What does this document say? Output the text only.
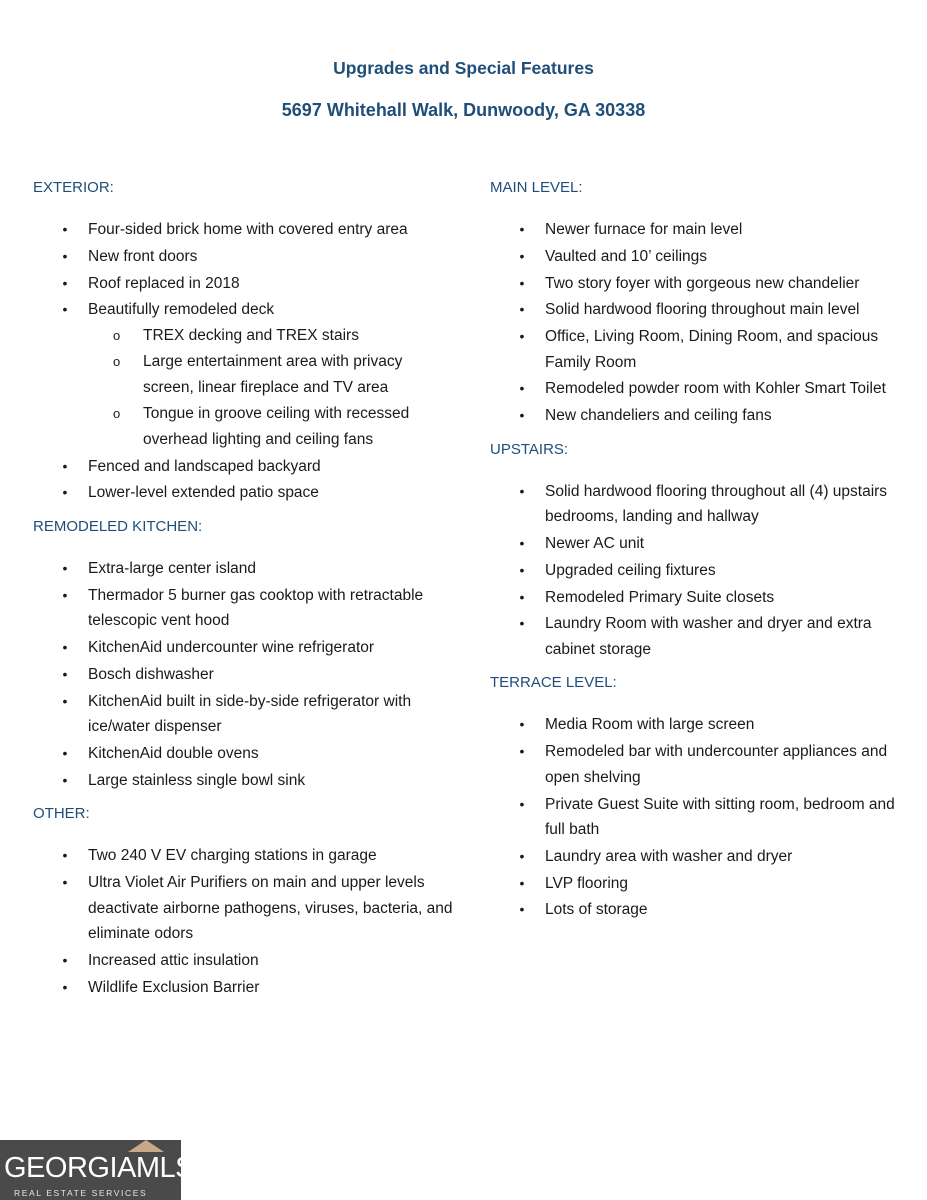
Upgrades and Special Features
5697 Whitehall Walk, Dunwoody, GA 30338
EXTERIOR:
• Four-sided brick home with covered entry area
• New front doors
• Roof replaced in 2018
• Beautifully remodeled deck
o TREX decking and TREX stairs
o Large entertainment area with privacy screen, linear fireplace and TV area
o Tongue in groove ceiling with recessed overhead lighting and ceiling fans
• Fenced and landscaped backyard
• Lower-level extended patio space
REMODELED KITCHEN:
• Extra-large center island
• Thermador 5 burner gas cooktop with retractable telescopic vent hood
• KitchenAid undercounter wine refrigerator
• Bosch dishwasher
• KitchenAid built in side-by-side refrigerator with ice/water dispenser
• KitchenAid double ovens
• Large stainless single bowl sink
OTHER:
• Two 240 V EV charging stations in garage
• Ultra Violet Air Purifiers on main and upper levels deactivate airborne pathogens, viruses, bacteria, and eliminate odors
• Increased attic insulation
• Wildlife Exclusion Barrier
MAIN LEVEL:
• Newer furnace for main level
• Vaulted and 10’ ceilings
• Two story foyer with gorgeous new chandelier
• Solid hardwood flooring throughout main level
• Office, Living Room, Dining Room, and spacious Family Room
• Remodeled powder room with Kohler Smart Toilet
• New chandeliers and ceiling fans
UPSTAIRS:
• Solid hardwood flooring throughout all (4) upstairs bedrooms, landing and hallway
• Newer AC unit
• Upgraded ceiling fixtures
• Remodeled Primary Suite closets
• Laundry Room with washer and dryer and extra cabinet storage
TERRACE LEVEL:
• Media Room with large screen
• Remodeled bar with undercounter appliances and open shelving
• Private Guest Suite with sitting room, bedroom and full bath
• Laundry area with washer and dryer
• LVP flooring
• Lots of storage
GEORGIAMLS
REAL ESTATE SERVICES
